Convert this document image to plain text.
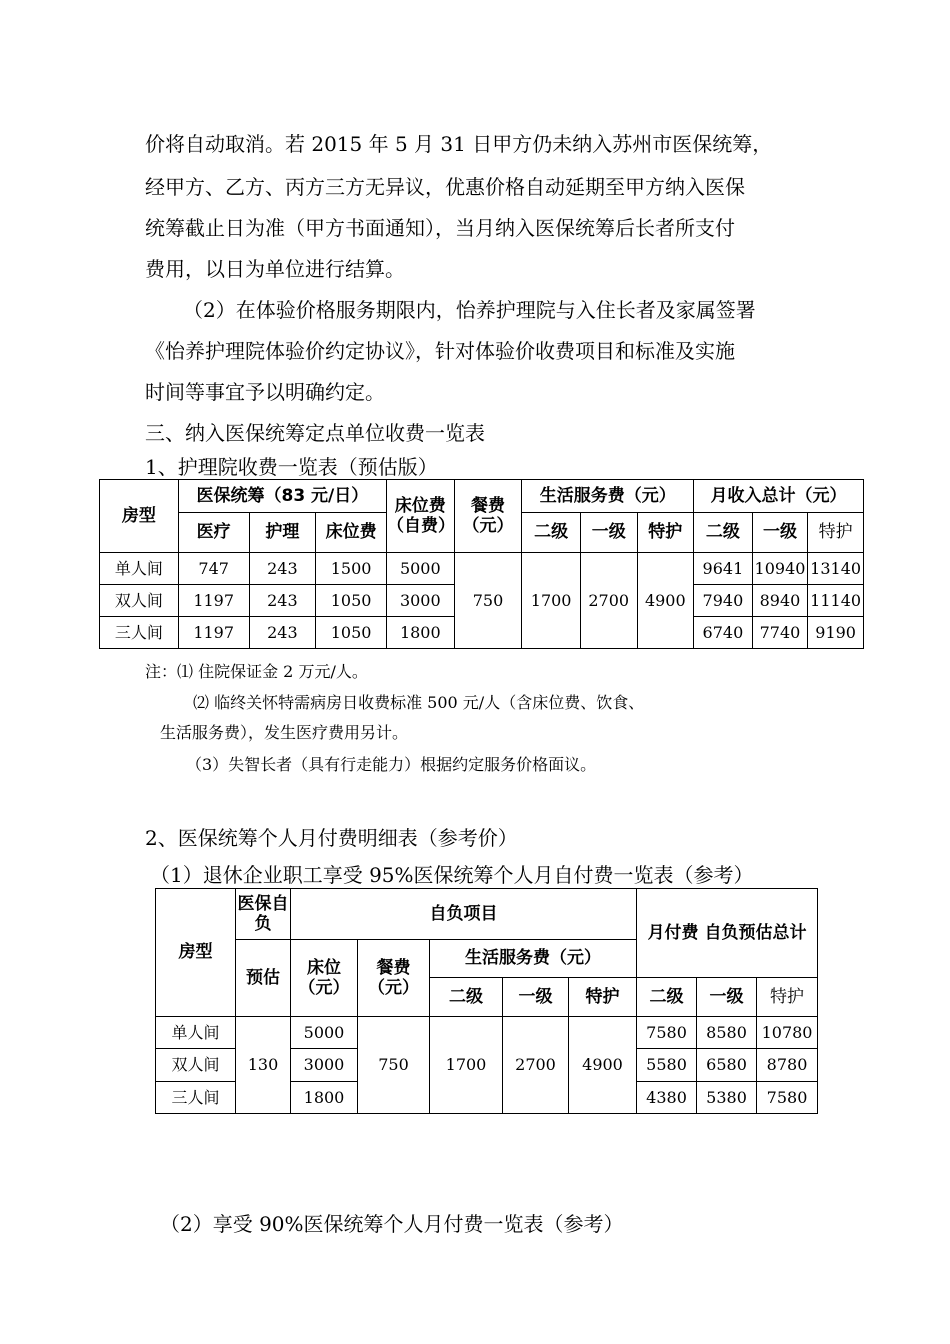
价将自动取消。若 2015 年 5 月 31 日甲方仍未纳入苏州市医保统筹，
经甲方、乙方、丙方三方无异议，优惠价格自动延期至甲方纳入医保
统筹截止日为准（甲方书面通知），当月纳入医保统筹后长者所支付
费用，以日为单位进行结算。
（2）在体验价格服务期限内，怡养护理院与入住长者及家属签署
《怡养护理院体验价约定协议》，针对体验价收费项目和标准及实施
时间等事宜予以明确约定。
三、纳入医保统筹定点单位收费一览表
1、护理院收费一览表（预估版）
房型	医保统筹（83 元/日）			床位费（自费）	餐费（元）	生活服务费（元）			月收入总计（元）		
	医疗	护理	床位费			二级	一级	特护	二级	一级	特护
单人间	747	243	1500	5000	750	1700	2700	4900	9641	10940	13140
双人间	1197	243	1050	3000					7940	8940	11140
三人间	1197	243	1050	1800					6740	7740	9190
注：⑴ 住院保证金 2 万元/人。
⑵ 临终关怀特需病房日收费标准 500 元/人（含床位费、饮食、
生活服务费），发生医疗费用另计。
（3）失智长者（具有行走能力）根据约定服务价格面议。
2、医保统筹个人月付费明细表（参考价）
（1）退休企业职工享受 95%医保统筹个人月自付费一览表（参考）
房型	医保自负	自负项目					月付费 自负预估总计		
	预估	床位（元）	餐费（元）	生活服务费（元）					
				二级	一级	特护	二级	一级	特护
单人间	130	5000	750	1700	2700	4900	7580	8580	10780
双人间		3000					5580	6580	8780
三人间		1800					4380	5380	7580
（2）享受 90%医保统筹个人月付费一览表（参考）
